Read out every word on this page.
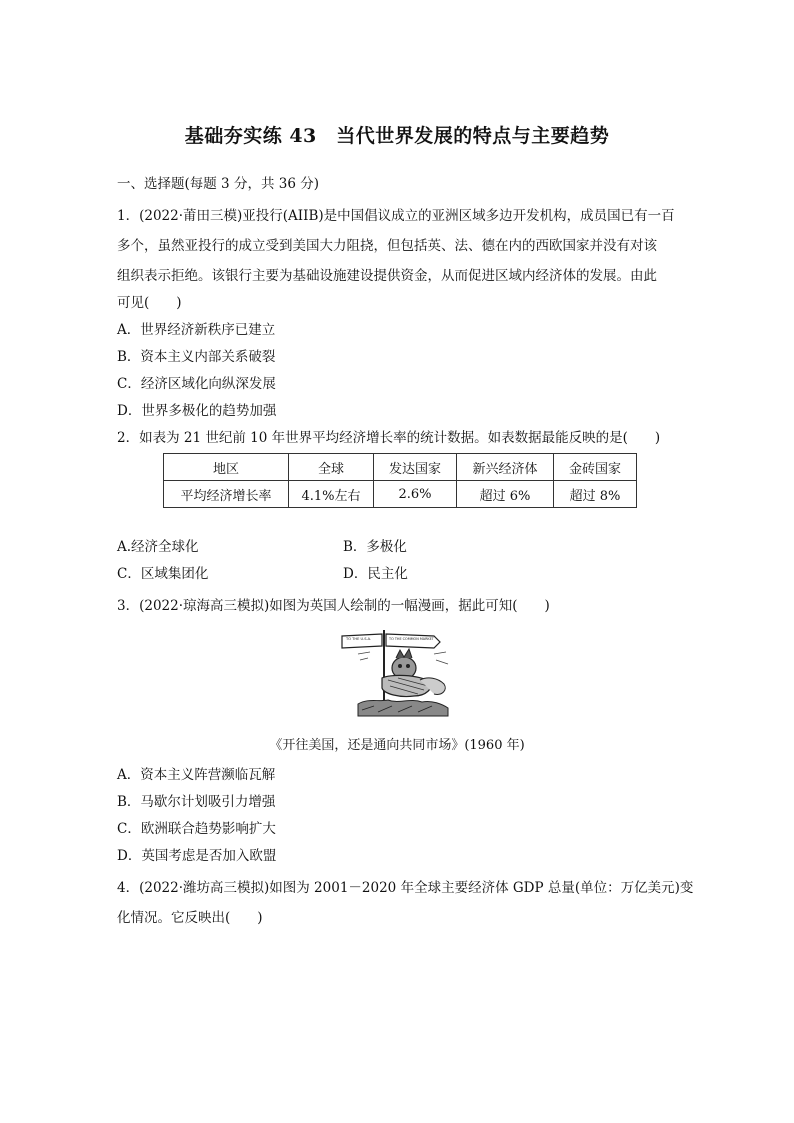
基础夯实练 43　当代世界发展的特点与主要趋势
一、选择题(每题 3 分，共 36 分)
1．(2022·莆田三模)亚投行(AIIB)是中国倡议成立的亚洲区域多边开发机构，成员国已有一百
多个，虽然亚投行的成立受到美国大力阻挠，但包括英、法、德在内的西欧国家并没有对该
组织表示拒绝。该银行主要为基础设施建设提供资金，从而促进区域内经济体的发展。由此
可见(　　)
A．世界经济新秩序已建立
B．资本主义内部关系破裂
C．经济区域化向纵深发展
D．世界多极化的趋势加强
2．如表为 21 世纪前 10 年世界平均经济增长率的统计数据。如表数据最能反映的是(　　)
地区	全球	发达国家	新兴经济体	金砖国家
平均经济增长率	4.1%左右	2.6%	超过 6%	超过 8%
A.经济全球化	B．多极化
C．区域集团化	D．民主化
3．(2022·琼海高三模拟)如图为英国人绘制的一幅漫画，据此可知(　　)
TO THE U.S.A.	TO THE COMMON MARKET
《开往美国，还是通向共同市场》(1960 年)
A．资本主义阵营濒临瓦解
B．马歇尔计划吸引力增强
C．欧洲联合趋势影响扩大
D．英国考虑是否加入欧盟
4．(2022·潍坊高三模拟)如图为 2001－2020 年全球主要经济体 GDP 总量(单位：万亿美元)变
化情况。它反映出(　　)
